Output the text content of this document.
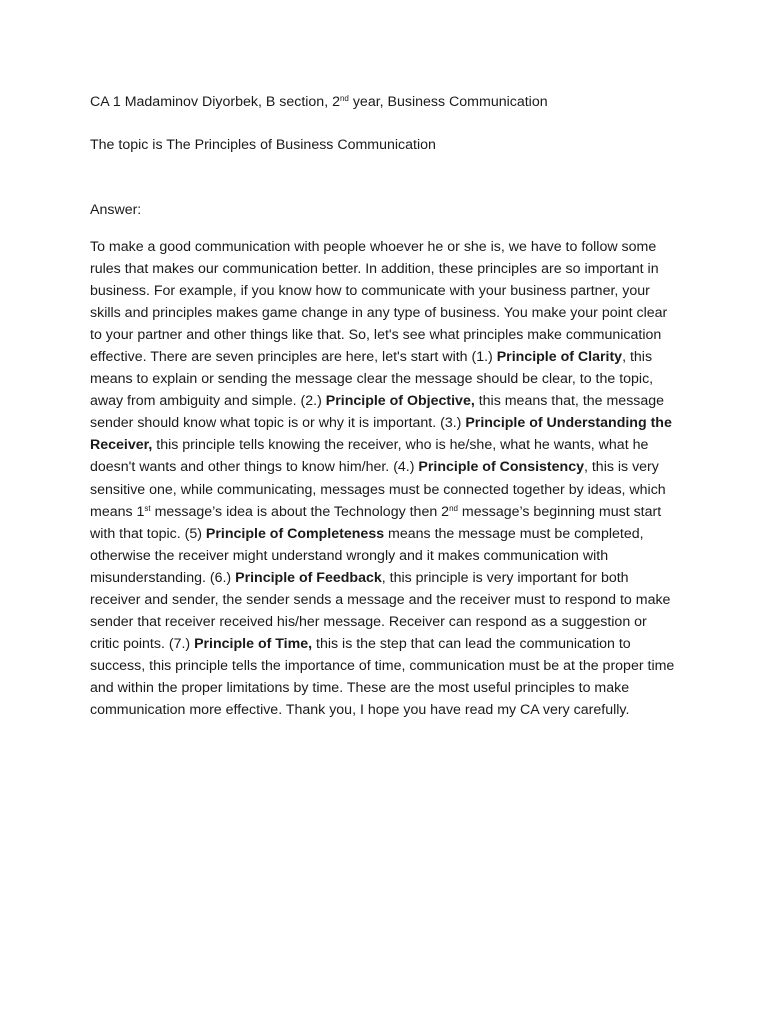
CA 1 Madaminov Diyorbek, B section, 2nd year, Business Communication

The topic is The Principles of Business Communication

Answer:

To make a good communication with people whoever he or she is, we have to follow some rules that makes our communication better. In addition, these principles are so important in business. For example, if you know how to communicate with your business partner, your skills and principles makes game change in any type of business. You make your point clear to your partner and other things like that. So, let's see what principles make communication effective. There are seven principles are here, let's start with (1.) Principle of Clarity, this means to explain or sending the message clear the message should be clear, to the topic, away from ambiguity and simple. (2.) Principle of Objective, this means that, the message sender should know what topic is or why it is important. (3.) Principle of Understanding the Receiver, this principle tells knowing the receiver, who is he/she, what he wants, what he doesn't wants and other things to know him/her. (4.) Principle of Consistency, this is very sensitive one, while communicating, messages must be connected together by ideas, which means 1st message’s idea is about the Technology then 2nd message’s beginning must start with that topic. (5) Principle of Completeness means the message must be completed, otherwise the receiver might understand wrongly and it makes communication with misunderstanding. (6.) Principle of Feedback, this principle is very important for both receiver and sender, the sender sends a message and the receiver must to respond to make sender that receiver received his/her message. Receiver can respond as a suggestion or critic points. (7.) Principle of Time, this is the step that can lead the communication to success, this principle tells the importance of time, communication must be at the proper time and within the proper limitations by time. These are the most useful principles to make communication more effective. Thank you, I hope you have read my CA very carefully.
